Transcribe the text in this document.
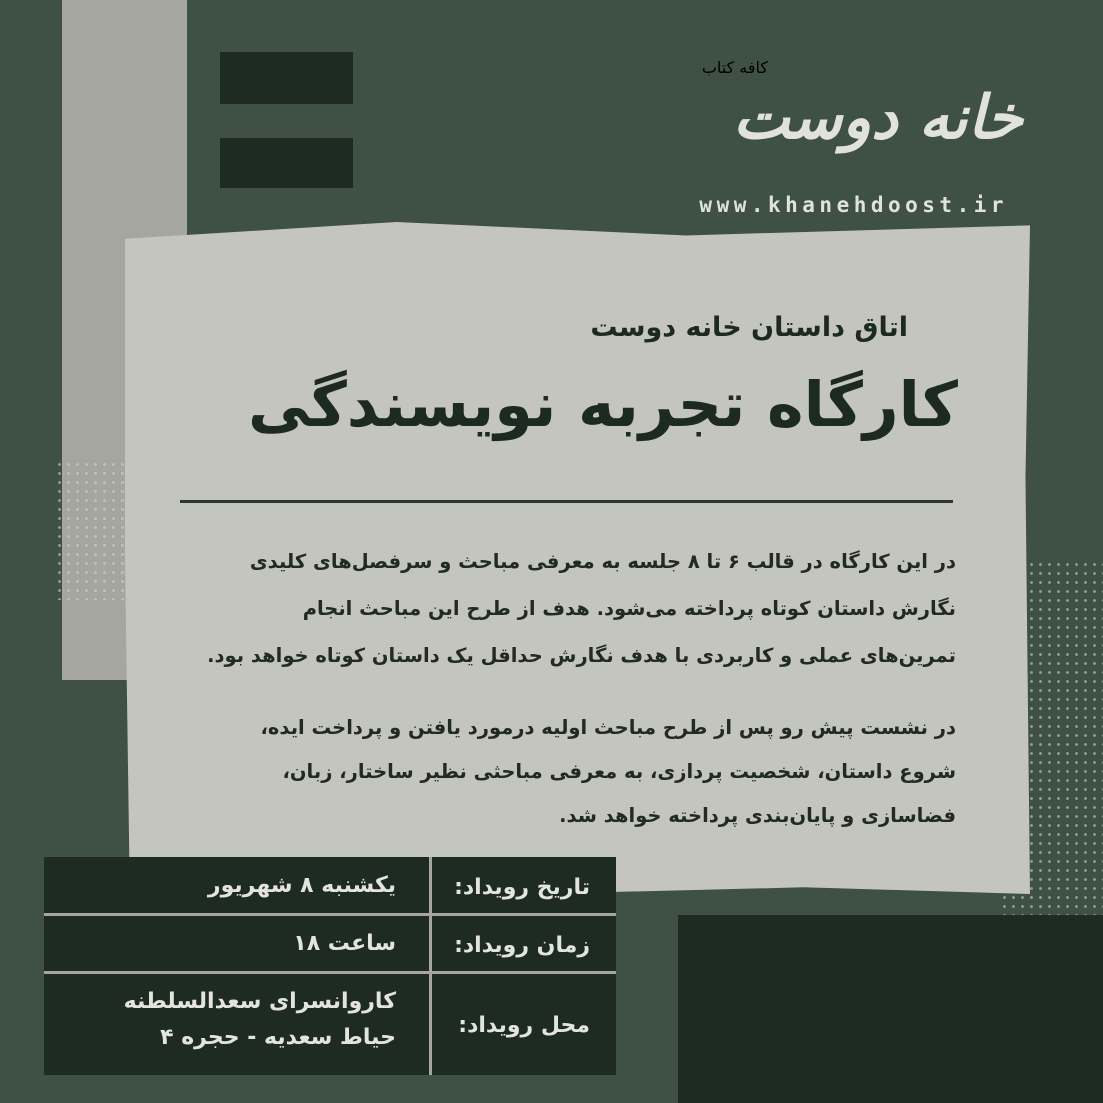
کافه کتاب
خانه دوست
www.khanehdoost.ir
اتاق داستان خانه دوست
کارگاه تجربه نویسندگی
در این کارگاه در قالب ۶ تا ۸ جلسه به معرفی مباحث و سرفصل‌های کلیدی
نگارش داستان کوتاه پرداخته می‌شود. هدف از طرح این مباحث انجام
تمرین‌های عملی و کاربردی با هدف نگارش حداقل یک داستان کوتاه خواهد بود.
در نشست پیش رو پس از طرح مباحث اولیه درمورد یافتن و پرداخت ایده،
شروع داستان، شخصیت پردازی، به معرفی مباحثی نظیر ساختار، زبان،
فضاسازی و پایان‌بندی پرداخته خواهد شد.
تاریخ رویداد:
یکشنبه ۸ شهریور
زمان رویداد:
ساعت ۱۸
محل رویداد:
کاروانسرای سعدالسلطنه
حیاط سعدیه - حجره ۴
